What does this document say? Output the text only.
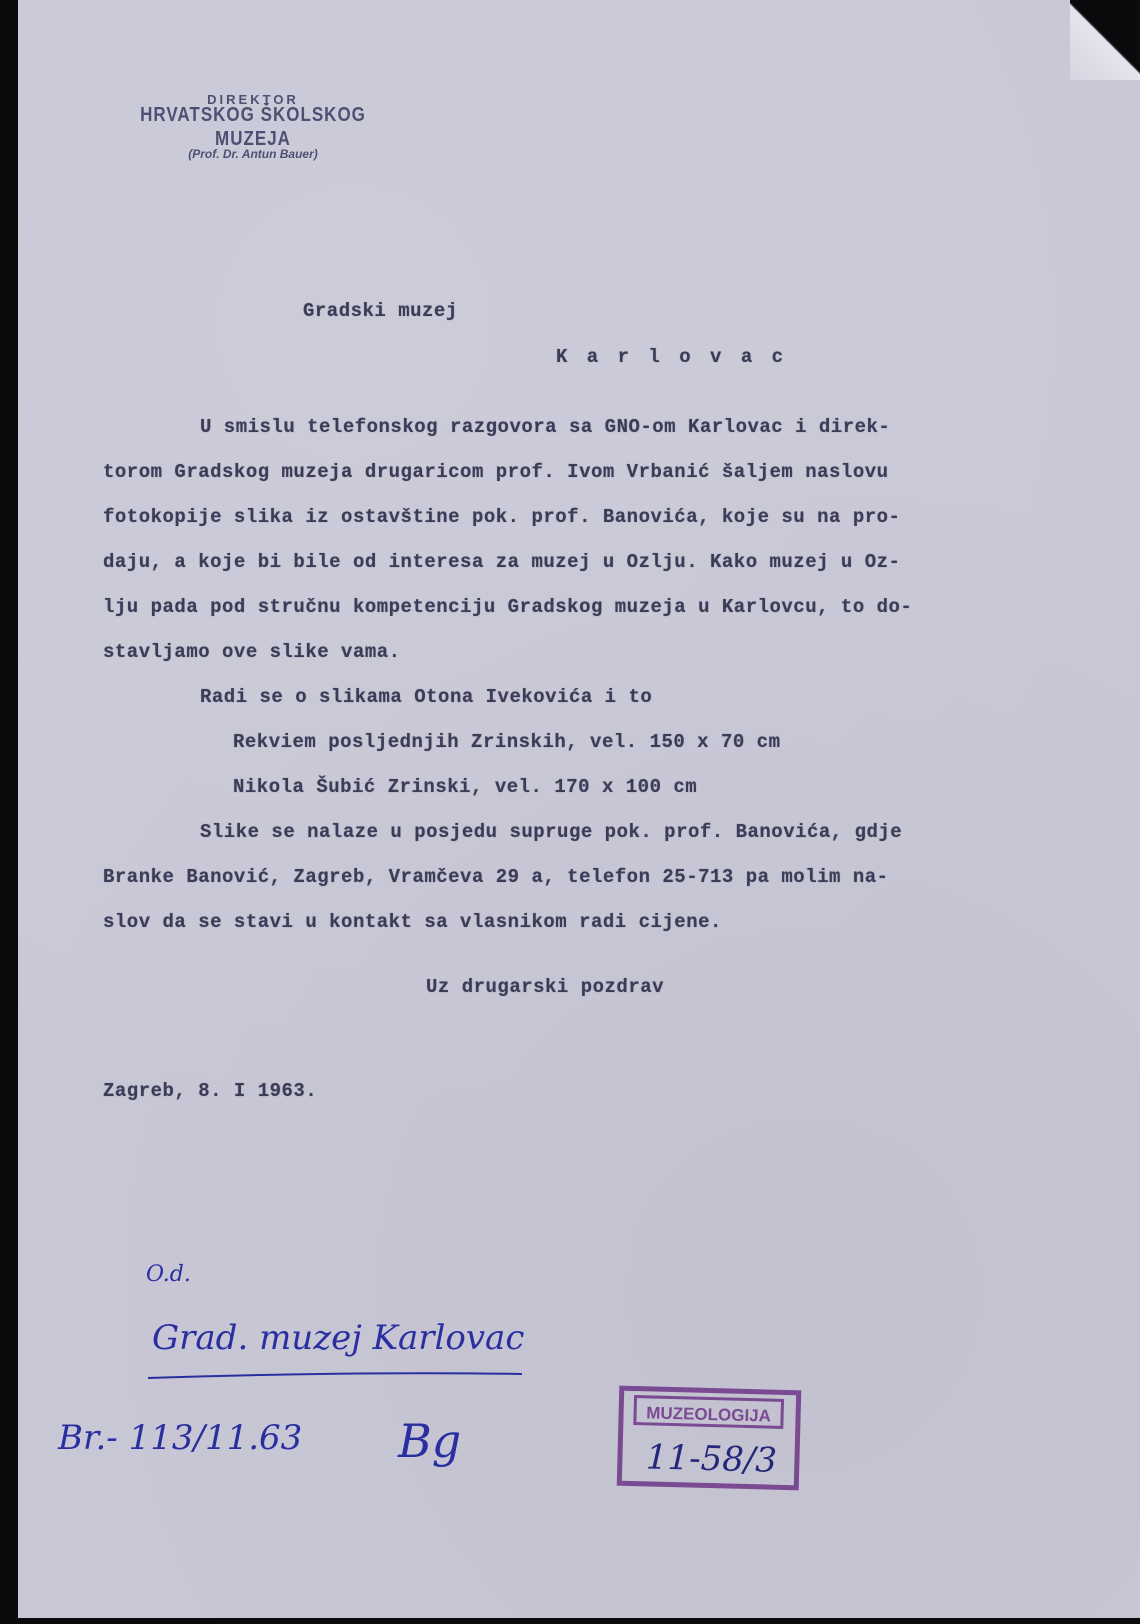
DIREKTOR
HRVATSKOG ŠKOLSKOG MUZEJA
(Prof. Dr. Antun Bauer)
Gradski muzej
K a r l o v a c
U smislu telefonskog razgovora sa GNO-om Karlovac i direk-
torom Gradskog muzeja drugaricom prof. Ivom Vrbanić šaljem naslovu
fotokopije slika iz ostavštine pok. prof. Banovića, koje su na pro-
daju, a koje bi bile od interesa za muzej u Ozlju. Kako muzej u Oz-
lju pada pod stručnu kompetenciju Gradskog muzeja u Karlovcu, to do-
stavljamo ove slike vama.
Radi se o slikama Otona Ivekovića i to
Rekviem posljednjih Zrinskih, vel. 150 x 70 cm
Nikola Šubić Zrinski, vel. 170 x 100 cm
Slike se nalaze u posjedu supruge pok. prof. Banovića, gdje
Branke Banović, Zagreb, Vramčeva 29 a, telefon 25-713 pa molim na-
slov da se stavi u kontakt sa vlasnikom radi cijene.
Uz drugarski pozdrav
Zagreb, 8. I 1963.
O.d.
Grad. muzej Karlovac
Br.- 113/11.63 Bg	MUZEOLOGIJA
11-58/3
